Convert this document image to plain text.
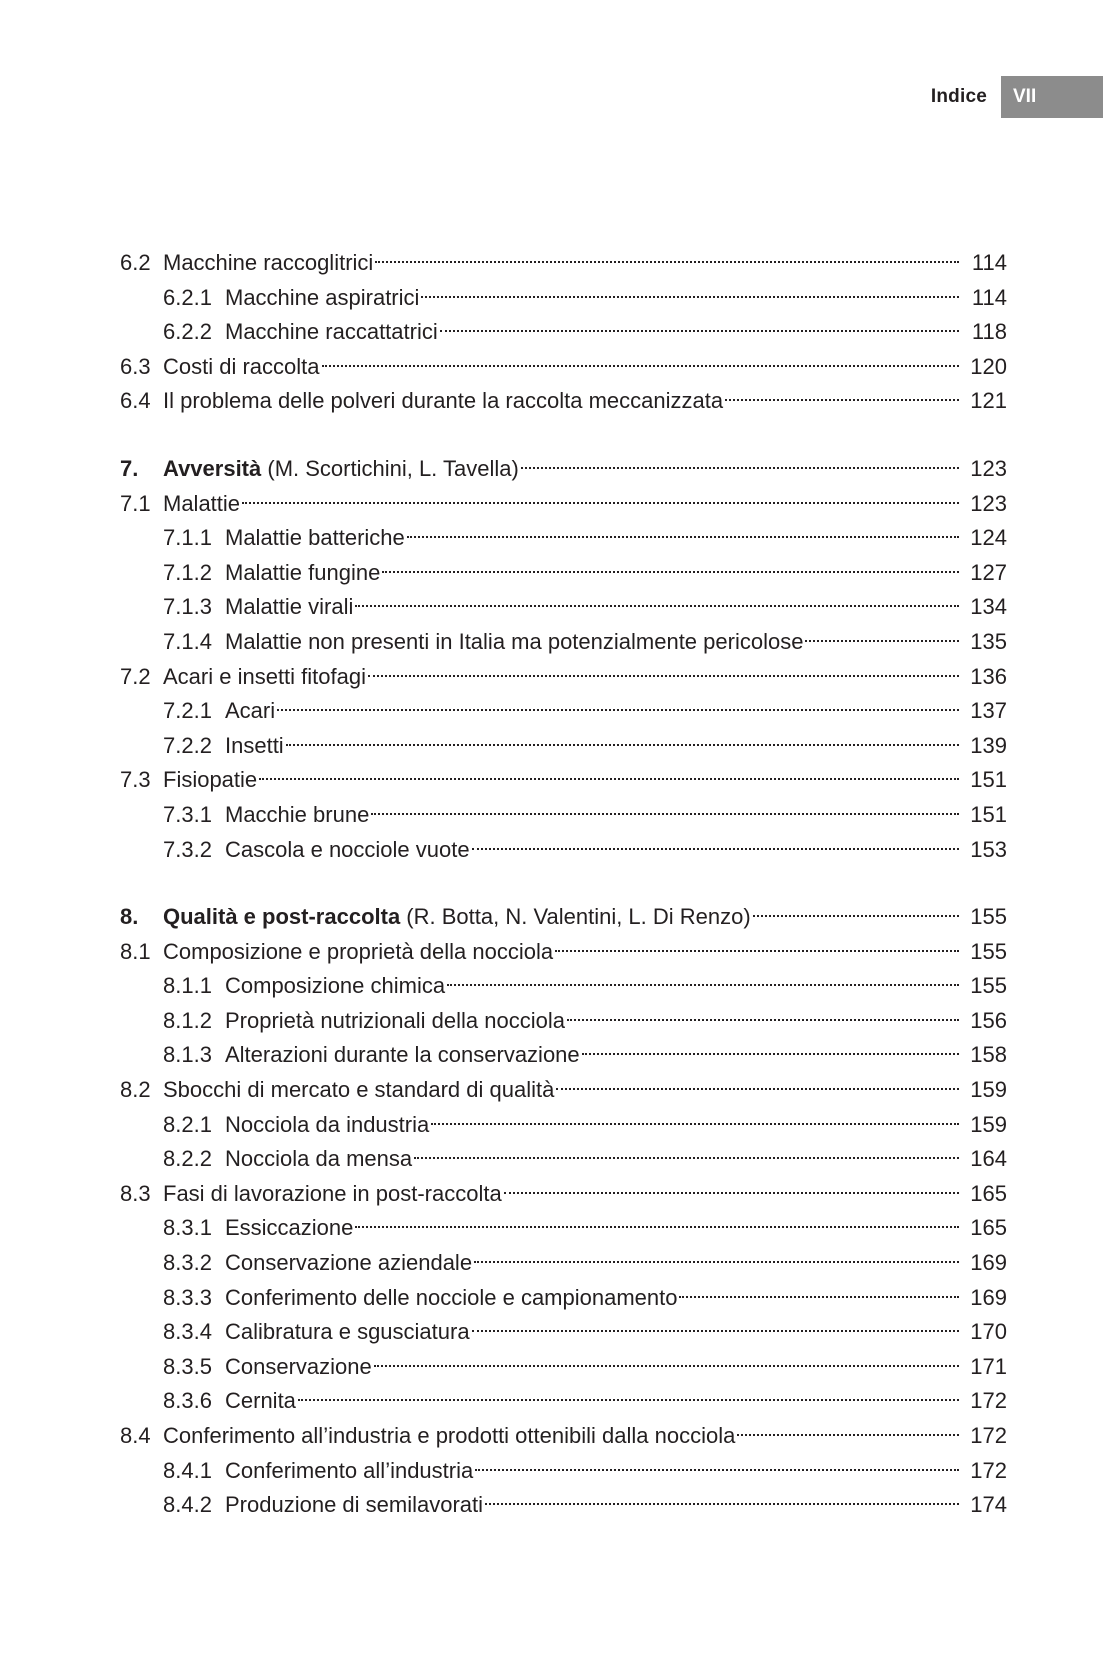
Indice	VII
6.2 Macchine raccoglitrici	114
6.2.1 Macchine aspiratrici	114
6.2.2 Macchine raccattatrici	118
6.3 Costi di raccolta	120
6.4 Il problema delle polveri durante la raccolta meccanizzata	121
7.	Avversità (M. Scortichini, L. Tavella)	123
7.1 Malattie	123
7.1.1 Malattie batteriche	124
7.1.2 Malattie fungine	127
7.1.3 Malattie virali	134
7.1.4 Malattie non presenti in Italia ma potenzialmente pericolose	135
7.2 Acari e insetti fitofagi	136
7.2.1 Acari	137
7.2.2 Insetti	139
7.3 Fisiopatie	151
7.3.1 Macchie brune	151
7.3.2 Cascola e nocciole vuote	153
8.	Qualità e post-raccolta (R. Botta, N. Valentini, L. Di Renzo)	155
8.1 Composizione e proprietà della nocciola	155
8.1.1 Composizione chimica	155
8.1.2 Proprietà nutrizionali della nocciola	156
8.1.3 Alterazioni durante la conservazione	158
8.2 Sbocchi di mercato e standard di qualità	159
8.2.1 Nocciola da industria	159
8.2.2 Nocciola da mensa	164
8.3 Fasi di lavorazione in post-raccolta	165
8.3.1 Essiccazione	165
8.3.2 Conservazione aziendale	169
8.3.3 Conferimento delle nocciole e campionamento	169
8.3.4 Calibratura e sgusciatura	170
8.3.5 Conservazione	171
8.3.6 Cernita	172
8.4 Conferimento all’industria e prodotti ottenibili dalla nocciola	172
8.4.1 Conferimento all’industria	172
8.4.2 Produzione di semilavorati	174
